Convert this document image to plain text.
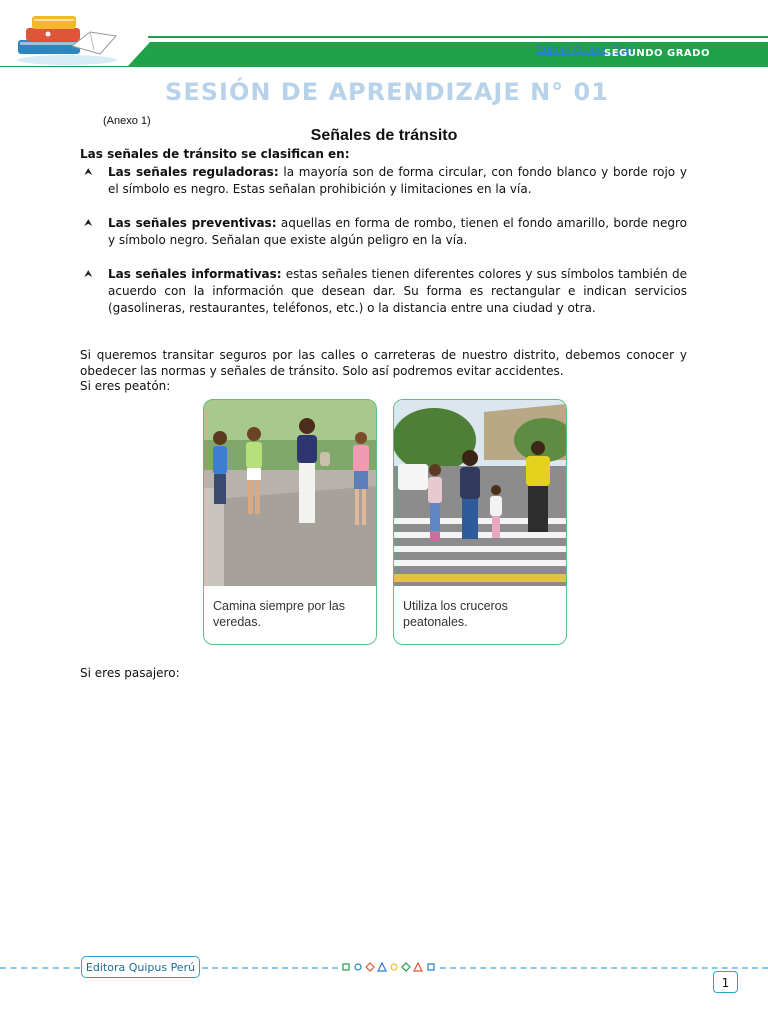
Editora Quipus Perú
SEGUNDO GRADO
SESIÓN DE APRENDIZAJE N° 01
(Anexo 1)
Señales de tránsito
Las señales de tránsito se clasifican en:
⮝ Las señales reguladoras: la mayoría son de forma circular, con fondo blanco y borde rojo y el símbolo es negro. Estas señalan prohibición y limitaciones en la vía.
⮝ Las señales preventivas: aquellas en forma de rombo, tienen el fondo amarillo, borde negro y símbolo negro. Señalan que existe algún peligro en la vía.
⮝ Las señales informativas: estas señales tienen diferentes colores y sus símbolos también de acuerdo con la información que desean dar. Su forma es rectangular e indican servicios (gasolineras, restaurantes, teléfonos, etc.) o la distancia entre una ciudad y otra.
Si queremos transitar seguros por las calles o carreteras de nuestro distrito, debemos conocer y obedecer las normas y señales de tránsito. Solo así podremos evitar accidentes.
Si eres peatón:
Camina siempre por las veredas.
Utiliza los cruceros peatonales.
Si eres pasajero:
Editora Quipus Perú
1
